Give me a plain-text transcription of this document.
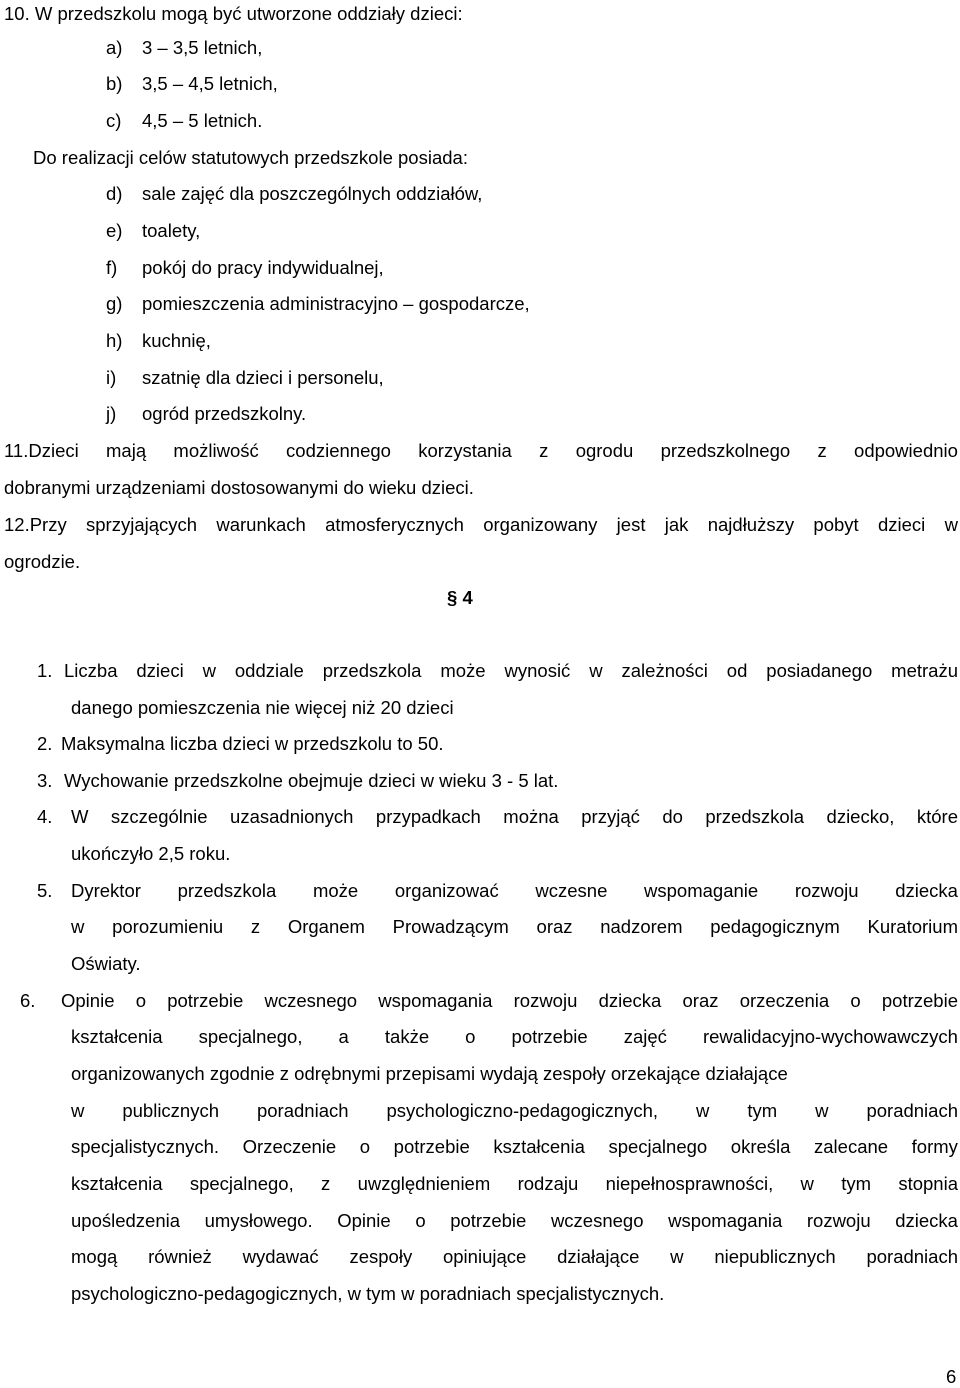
10. W przedszkolu mogą być utworzone oddziały dzieci:
a) 3 – 3,5 letnich,
b) 3,5 – 4,5 letnich,
c) 4,5 – 5 letnich.
Do realizacji celów statutowych przedszkole posiada:
d) sale zajęć dla poszczególnych oddziałów,
e) toalety,
f) pokój do pracy indywidualnej,
g) pomieszczenia administracyjno – gospodarcze,
h) kuchnię,
i) szatnię dla dzieci i personelu,
j) ogród przedszkolny.
11.Dzieci mają możliwość codziennego korzystania z ogrodu przedszkolnego z odpowiednio
dobranymi urządzeniami dostosowanymi do wieku dzieci.
12.Przy sprzyjających warunkach atmosferycznych organizowany jest jak najdłuższy pobyt dzieci w
ogrodzie.
§ 4
1. Liczba dzieci w oddziale przedszkola może wynosić w zależności od posiadanego metrażu
danego pomieszczenia nie więcej niż 20 dzieci
2. Maksymalna liczba dzieci w przedszkolu to 50.
3. Wychowanie przedszkolne obejmuje dzieci w wieku 3 - 5 lat.
4. W szczególnie uzasadnionych przypadkach można przyjąć do przedszkola dziecko, które
ukończyło 2,5 roku.
5. Dyrektor przedszkola może organizować wczesne wspomaganie rozwoju dziecka
w porozumieniu z Organem Prowadzącym oraz nadzorem pedagogicznym Kuratorium
Oświaty.
6. Opinie o potrzebie wczesnego wspomagania rozwoju dziecka oraz orzeczenia o potrzebie
kształcenia specjalnego, a także o potrzebie zajęć rewalidacyjno-wychowawczych
organizowanych zgodnie z odrębnymi przepisami wydają zespoły orzekające działające
w publicznych poradniach psychologiczno-pedagogicznych, w tym w poradniach
specjalistycznych. Orzeczenie o potrzebie kształcenia specjalnego określa zalecane formy
kształcenia specjalnego, z uwzględnieniem rodzaju niepełnosprawności, w tym stopnia
upośledzenia umysłowego. Opinie o potrzebie wczesnego wspomagania rozwoju dziecka
mogą również wydawać zespoły opiniujące działające w niepublicznych poradniach
psychologiczno-pedagogicznych, w tym w poradniach specjalistycznych.
6
